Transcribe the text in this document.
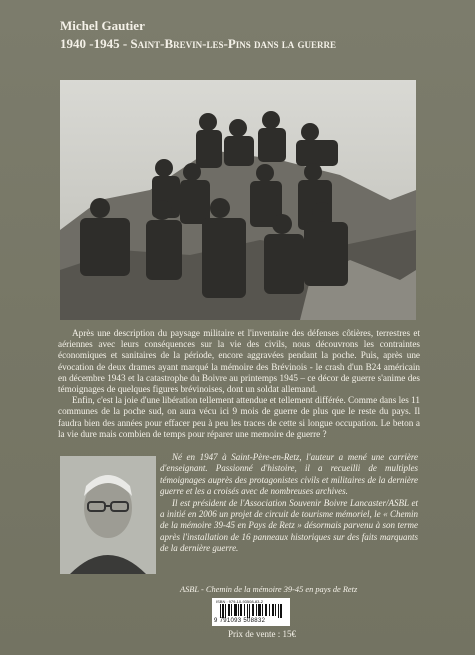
Michel Gautier
1940 -1945 - Saint-Brevin-les-Pins dans la guerre

Après une description du paysage militaire et l'inventaire des défenses côtières, terrestres et aériennes avec leurs conséquences sur la vie des civils, nous découvrons les contraintes économiques et sanitaires de la période, encore aggravées pendant la poche. Puis, après une évocation de deux drames ayant marqué la mémoire des Brévinois - le crash d'un B24 américain en décembre 1943 et la catastrophe du Boivre au printemps 1945 – ce décor de guerre s'anime des témoignages de quelques figures brévinoises, dont un soldat allemand.

Enfin, c'est la joie d'une libération tellement attendue et tellement différée. Comme dans les 11 communes de la poche sud, on aura vécu ici 9 mois de guerre de plus que le reste du pays. Il faudra bien des années pour effacer peu à peu les traces de cette si longue occupation. Le beton a la vie dure mais combien de temps pour réparer une memoire de guerre ?

Né en 1947 à Saint-Père-en-Retz, l'auteur a mené une carrière d'enseignant. Passionné d'histoire, il a recueilli de multiples témoignages auprès des protagonistes civils et militaires de la dernière guerre et les a croisés avec de nombreuses archives.

Il est président de l'Association Souvenir Boivre Lancaster/ASBL et a initié en 2006 un projet de circuit de tourisme mémoriel, le « Chemin de la mémoire 39-45 en Pays de Retz » désormais parvenu à son terme après l'installation de 16 panneaux historiques sur des faits marquants de la dernière guerre.

ASBL - Chemin de la mémoire 39-45 en pays de Retz

ISBN : 979-10-93508-83-2
9 791093 508832

Prix de vente : 15€
